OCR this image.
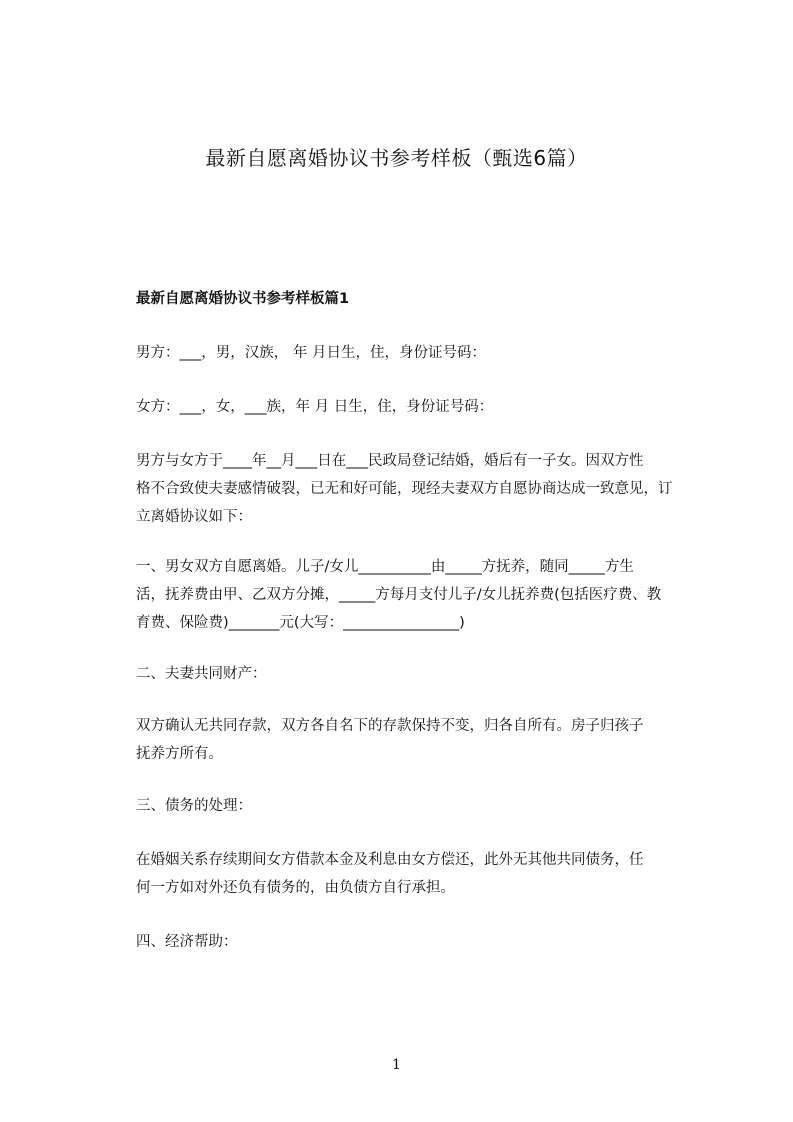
最新自愿离婚协议书参考样板（甄选6篇）
最新自愿离婚协议书参考样板篇1
男方：___，男，汉族， 年 月日生，住，身份证号码：
女方：___，女，___族，年 月 日生，住，身份证号码：
男方与女方于____年__月___日在___民政局登记结婚，婚后有一子女。因双方性
格不合致使夫妻感情破裂，已无和好可能，现经夫妻双方自愿协商达成一致意见，订
立离婚协议如下：
一、男女双方自愿离婚。儿子/女儿__________由_____方抚养，随同_____方生
活，抚养费由甲、乙双方分摊，_____方每月支付儿子/女儿抚养费(包括医疗费、教
育费、保险费)_______元(大写：________________)
二、夫妻共同财产：
双方确认无共同存款，双方各自名下的存款保持不变，归各自所有。房子归孩子
抚养方所有。
三、债务的处理：
在婚姻关系存续期间女方借款本金及利息由女方偿还，此外无其他共同债务，任
何一方如对外还负有债务的，由负债方自行承担。
四、经济帮助：
1
